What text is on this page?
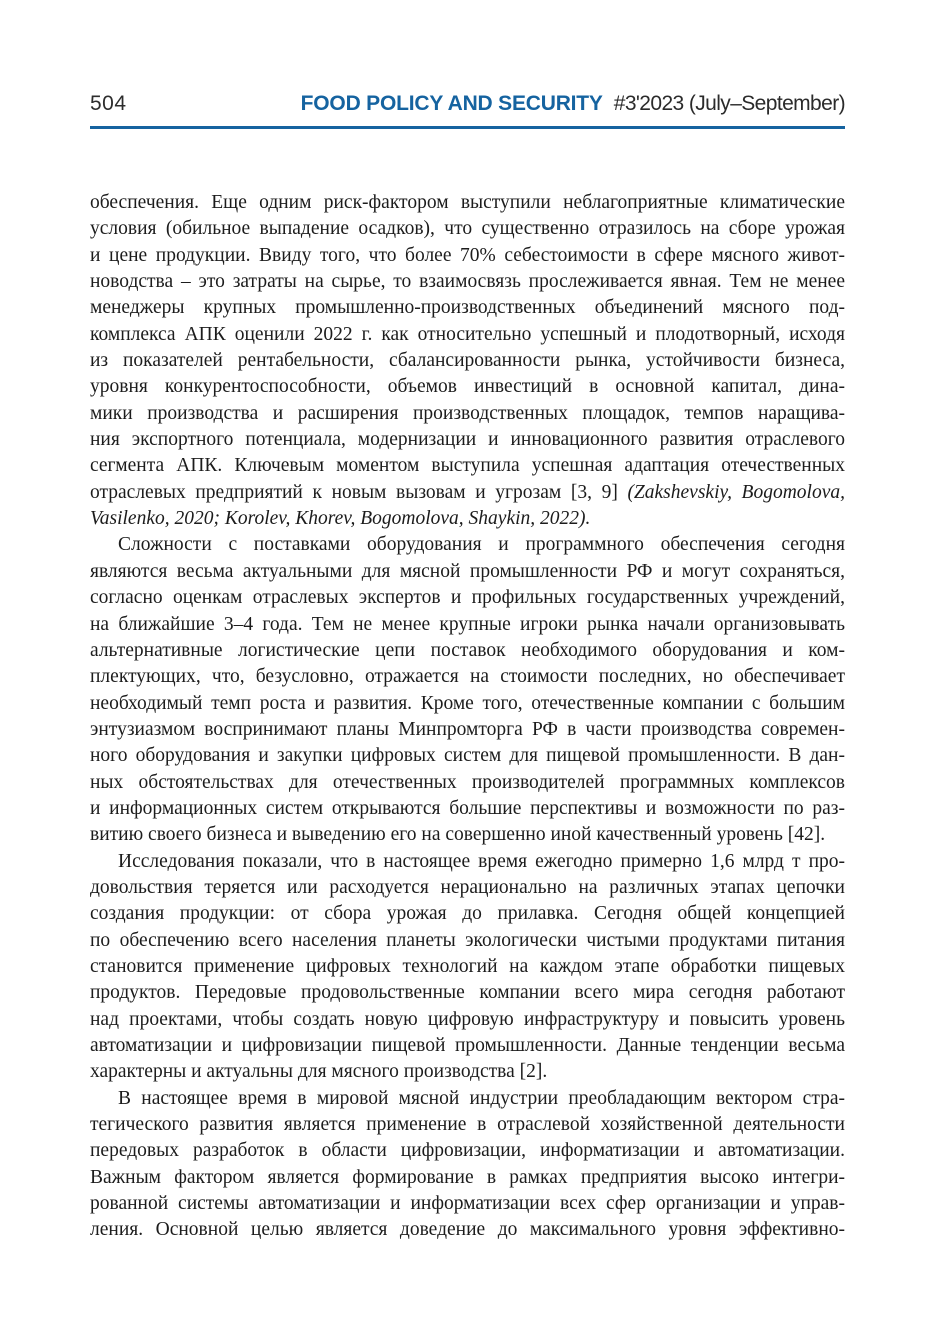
504	FOOD POLICY AND SECURITY #3'2023 (July–September)
обеспечения. Еще одним риск-фактором выступили неблагоприятные климатические
условия (обильное выпадение осадков), что существенно отразилось на сборе урожая
и цене продукции. Ввиду того, что более 70% себестоимости в сфере мясного живот-
новодства – это затраты на сырье, то взаимосвязь прослеживается явная. Тем не менее
менеджеры крупных промышленно-производственных объединений мясного под-
комплекса АПК оценили 2022 г. как относительно успешный и плодотворный, исходя
из показателей рентабельности, сбалансированности рынка, устойчивости бизнеса,
уровня конкурентоспособности, объемов инвестиций в основной капитал, дина-
мики производства и расширения производственных площадок, темпов наращива-
ния экспортного потенциала, модернизации и инновационного развития отраслевого
сегмента АПК. Ключевым моментом выступила успешная адаптация отечественных
отраслевых предприятий к новым вызовам и угрозам [3, 9] (Zakshevskiy, Bogomolova,
Vasilenko, 2020; Korolev, Khorev, Bogomolova, Shaykin, 2022).
Сложности с поставками оборудования и программного обеспечения сегодня
являются весьма актуальными для мясной промышленности РФ и могут сохраняться,
согласно оценкам отраслевых экспертов и профильных государственных учреждений,
на ближайшие 3–4 года. Тем не менее крупные игроки рынка начали организовывать
альтернативные логистические цепи поставок необходимого оборудования и ком-
плектующих, что, безусловно, отражается на стоимости последних, но обеспечивает
необходимый темп роста и развития. Кроме того, отечественные компании с большим
энтузиазмом воспринимают планы Минпромторга РФ в части производства современ-
ного оборудования и закупки цифровых систем для пищевой промышленности. В дан-
ных обстоятельствах для отечественных производителей программных комплексов
и информационных систем открываются большие перспективы и возможности по раз-
витию своего бизнеса и выведению его на совершенно иной качественный уровень [42].
Исследования показали, что в настоящее время ежегодно примерно 1,6 млрд т про-
довольствия теряется или расходуется нерационально на различных этапах цепочки
создания продукции: от сбора урожая до прилавка. Сегодня общей концепцией
по обеспечению всего населения планеты экологически чистыми продуктами питания
становится применение цифровых технологий на каждом этапе обработки пищевых
продуктов. Передовые продовольственные компании всего мира сегодня работают
над проектами, чтобы создать новую цифровую инфраструктуру и повысить уровень
автоматизации и цифровизации пищевой промышленности. Данные тенденции весьма
характерны и актуальны для мясного производства [2].
В настоящее время в мировой мясной индустрии преобладающим вектором стра-
тегического развития является применение в отраслевой хозяйственной деятельности
передовых разработок в области цифровизации, информатизации и автоматизации.
Важным фактором является формирование в рамках предприятия высоко интегри-
рованной системы автоматизации и информатизации всех сфер организации и управ-
ления. Основной целью является доведение до максимального уровня эффективно-
